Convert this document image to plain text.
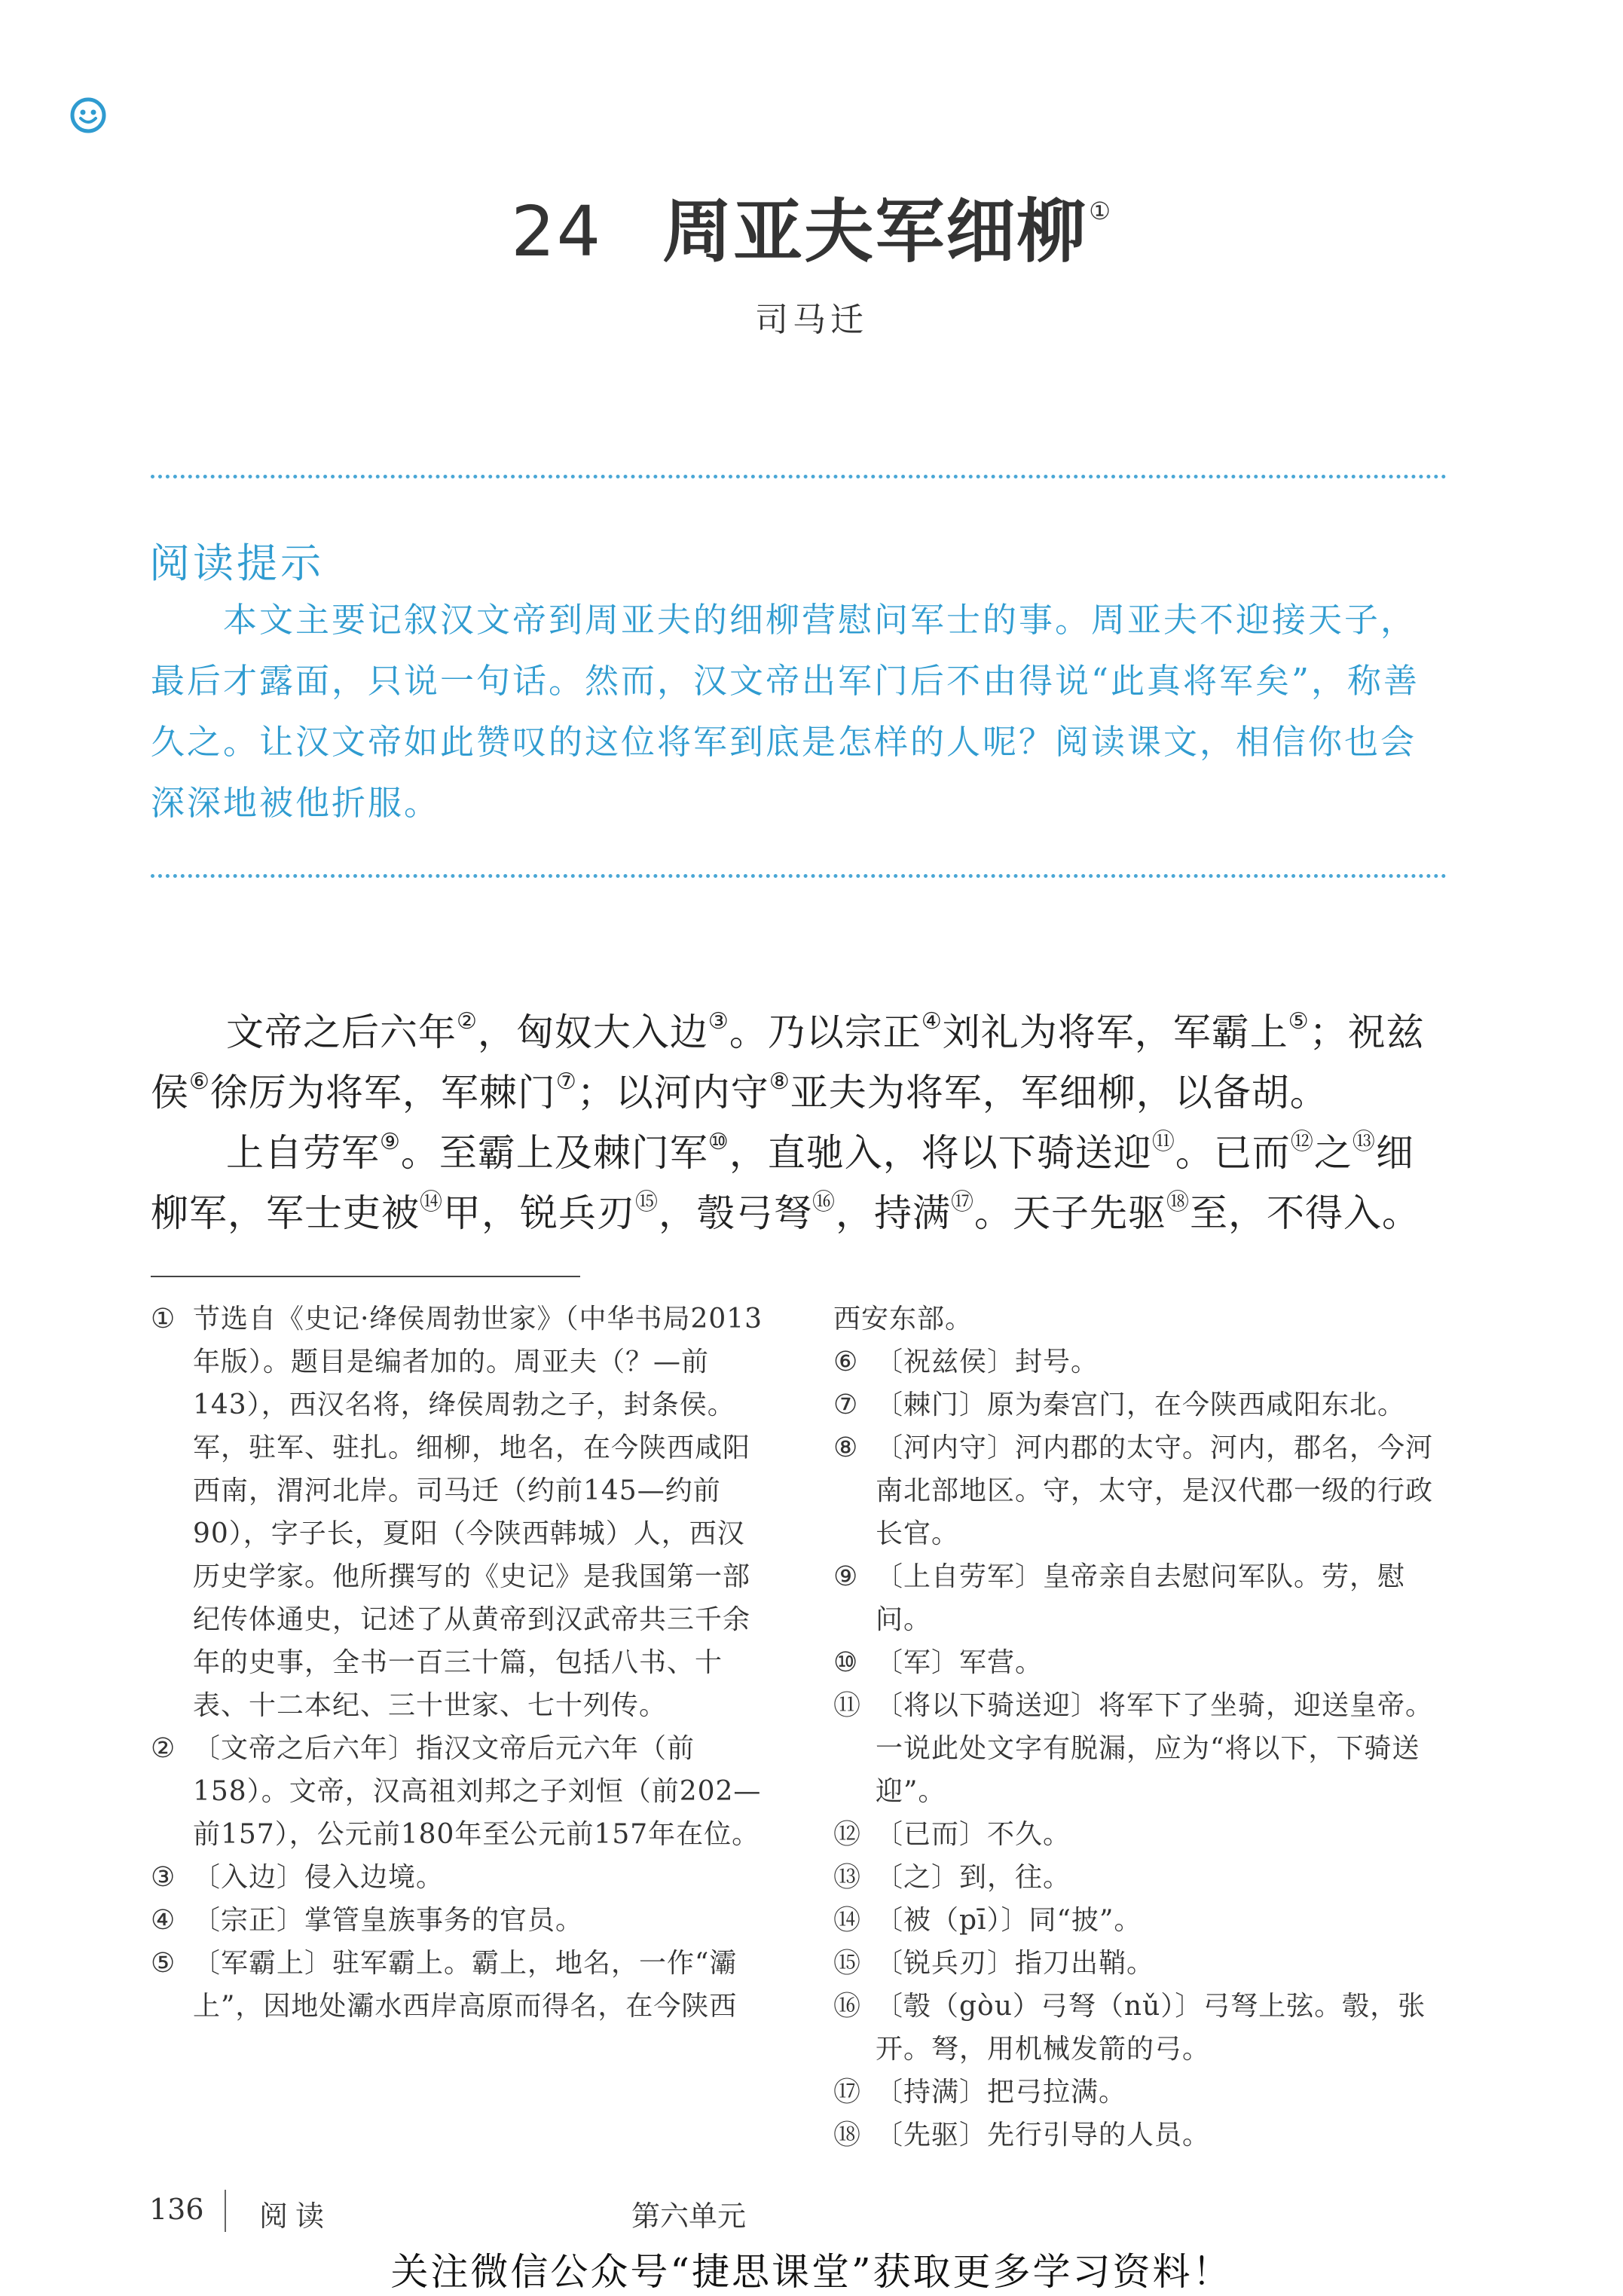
24 周亚夫军细柳①
司马迁
阅读提示

本文主要记叙汉文帝到周亚夫的细柳营慰问军士的事。周亚夫不迎接天子，最后才露面，只说一句话。然而，汉文帝出军门后不由得说“此真将军矣”，称善久之。让汉文帝如此赞叹的这位将军到底是怎样的人呢？阅读课文，相信你也会深深地被他折服。

文帝之后六年②，匈奴大入边③。乃以宗正④刘礼为将军，军霸上⑤；祝兹侯⑥徐厉为将军，军棘门⑦；以河内守⑧亚夫为将军，军细柳，以备胡。

上自劳军⑨。至霸上及棘门军⑩，直驰入，将以下骑送迎⑪。已而⑫之⑬细柳军，军士吏被⑭甲，锐兵刃⑮，彀弓弩⑯，持满⑰。天子先驱⑱至，不得入。

① 节选自《史记·绛侯周勃世家》（中华书局2013年版）。题目是编者加的。周亚夫（？—前143），西汉名将，绛侯周勃之子，封条侯。军，驻军、驻扎。细柳，地名，在今陕西咸阳西南，渭河北岸。司马迁（约前145—约前90），字子长，夏阳（今陕西韩城）人，西汉历史学家。他所撰写的《史记》是我国第一部纪传体通史，记述了从黄帝到汉武帝共三千余年的史事，全书一百三十篇，包括八书、十表、十二本纪、三十世家、七十列传。
② 〔文帝之后六年〕指汉文帝后元六年（前158）。文帝，汉高祖刘邦之子刘恒（前202—前157），公元前180年至公元前157年在位。
③ 〔入边〕侵入边境。
④ 〔宗正〕掌管皇族事务的官员。
⑤ 〔军霸上〕驻军霸上。霸上，地名，一作“灞上”，因地处灞水西岸高原而得名，在今陕西
西安东部。
⑥ 〔祝兹侯〕封号。
⑦ 〔棘门〕原为秦宫门，在今陕西咸阳东北。
⑧ 〔河内守〕河内郡的太守。河内，郡名，今河南北部地区。守，太守，是汉代郡一级的行政长官。
⑨ 〔上自劳军〕皇帝亲自去慰问军队。劳，慰问。
⑩ 〔军〕军营。
⑪ 〔将以下骑送迎〕将军下了坐骑，迎送皇帝。一说此处文字有脱漏，应为“将以下，下骑送迎”。
⑫ 〔已而〕不久。
⑬ 〔之〕到，往。
⑭ 〔被（pī）〕同“披”。
⑮ 〔锐兵刃〕指刀出鞘。
⑯ 〔彀（gòu）弓弩（nǔ）〕弓弩上弦。彀，张开。弩，用机械发箭的弓。
⑰ 〔持满〕把弓拉满。
⑱ 〔先驱〕先行引导的人员。
136 阅读	第六单元
关注微信公众号“捷思课堂”获取更多学习资料！
